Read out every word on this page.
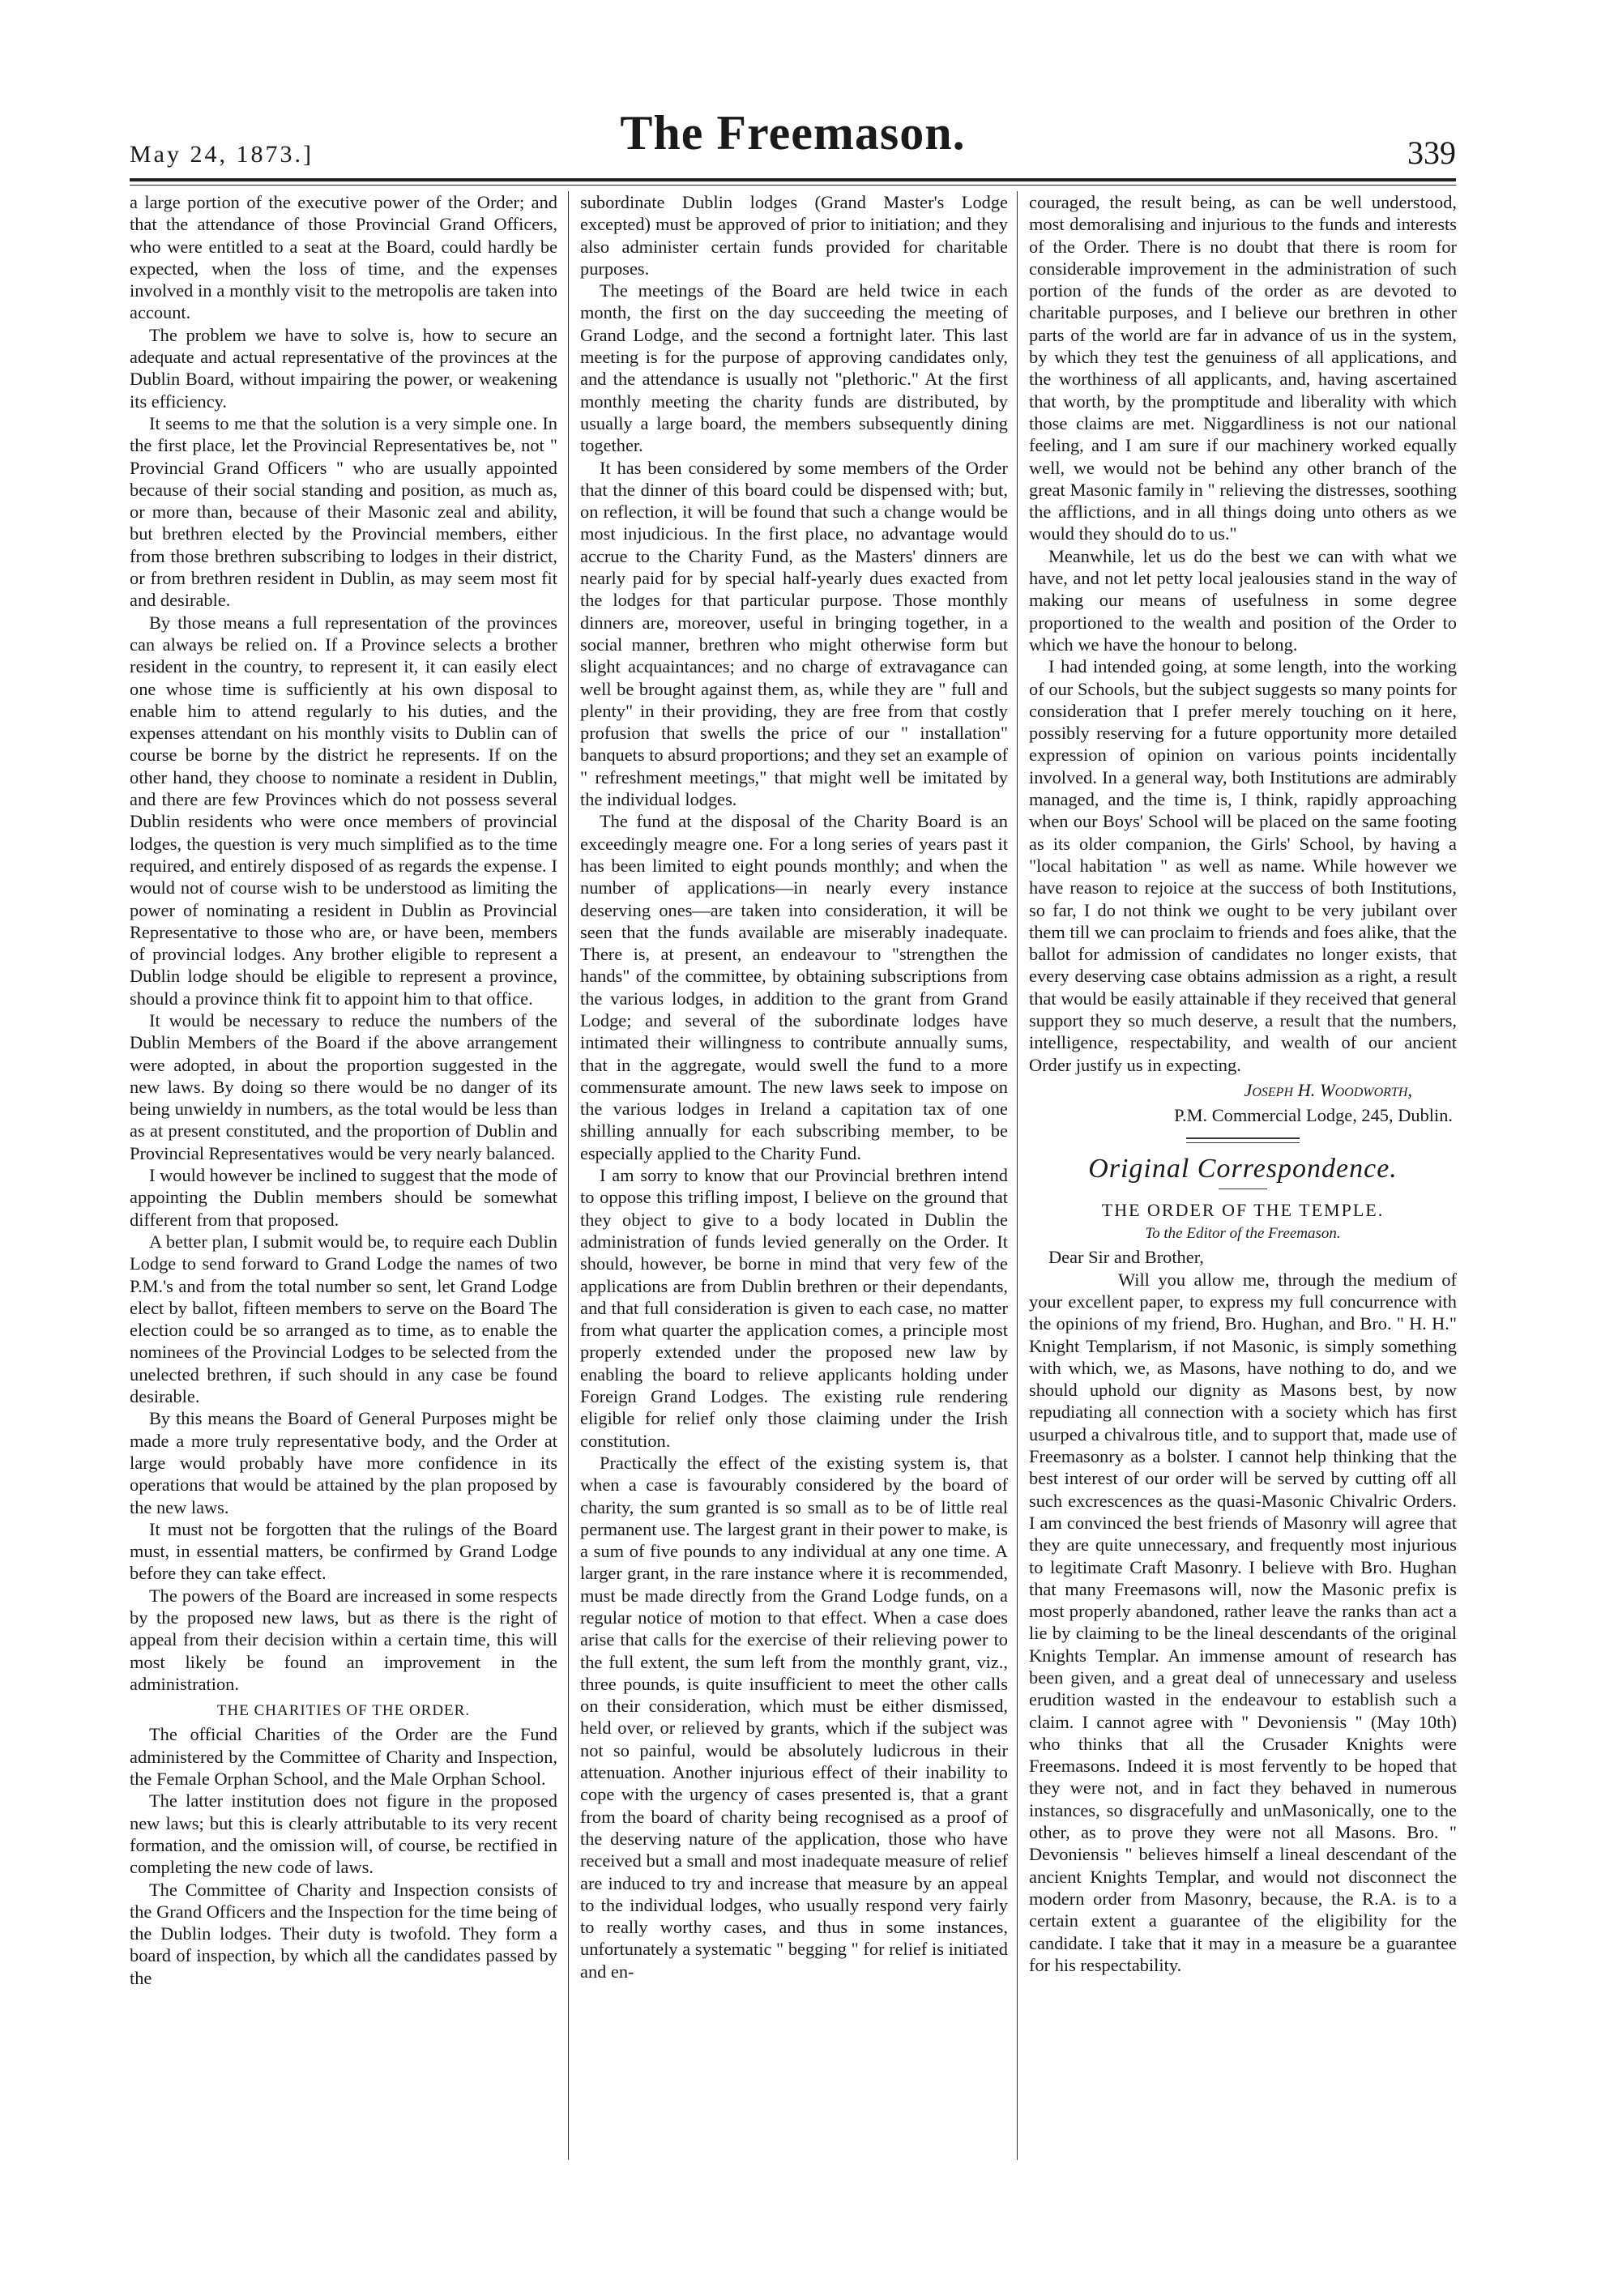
May 24, 1873.]	The Freemason.	339

a large portion of the executive power of the Order; and that the attendance of those Provincial Grand Officers, who were entitled to a seat at the Board, could hardly be expected, when the loss of time, and the expenses involved in a monthly visit to the metropolis are taken into account.

The problem we have to solve is, how to secure an adequate and actual representative of the provinces at the Dublin Board, without impairing the power, or weakening its efficiency.

It seems to me that the solution is a very simple one. In the first place, let the Provincial Representatives be, not " Provincial Grand Officers " who are usually appointed because of their social standing and position, as much as, or more than, because of their Masonic zeal and ability, but brethren elected by the Provincial members, either from those brethren subscribing to lodges in their district, or from brethren resident in Dublin, as may seem most fit and desirable.

By those means a full representation of the provinces can always be relied on. If a Province selects a brother resident in the country, to represent it, it can easily elect one whose time is sufficiently at his own disposal to enable him to attend regularly to his duties, and the expenses attendant on his monthly visits to Dublin can of course be borne by the district he represents. If on the other hand, they choose to nominate a resident in Dublin, and there are few Provinces which do not possess several Dublin residents who were once members of provincial lodges, the question is very much simplified as to the time required, and entirely disposed of as regards the expense. I would not of course wish to be understood as limiting the power of nominating a resident in Dublin as Provincial Representative to those who are, or have been, members of provincial lodges. Any brother eligible to represent a Dublin lodge should be eligible to represent a province, should a province think fit to appoint him to that office.

It would be necessary to reduce the numbers of the Dublin Members of the Board if the above arrangement were adopted, in about the proportion suggested in the new laws. By doing so there would be no danger of its being unwieldy in numbers, as the total would be less than as at present constituted, and the proportion of Dublin and Provincial Representatives would be very nearly balanced.

I would however be inclined to suggest that the mode of appointing the Dublin members should be somewhat different from that proposed.

A better plan, I submit would be, to require each Dublin Lodge to send forward to Grand Lodge the names of two P.M.'s and from the total number so sent, let Grand Lodge elect by ballot, fifteen members to serve on the Board The election could be so arranged as to time, as to enable the nominees of the Provincial Lodges to be selected from the unelected brethren, if such should in any case be found desirable.

By this means the Board of General Purposes might be made a more truly representative body, and the Order at large would probably have more confidence in its operations that would be attained by the plan proposed by the new laws.

It must not be forgotten that the rulings of the Board must, in essential matters, be confirmed by Grand Lodge before they can take effect.

The powers of the Board are increased in some respects by the proposed new laws, but as there is the right of appeal from their decision within a certain time, this will most likely be found an improvement in the administration.

THE CHARITIES OF THE ORDER.

The official Charities of the Order are the Fund administered by the Committee of Charity and Inspection, the Female Orphan School, and the Male Orphan School.

The latter institution does not figure in the proposed new laws; but this is clearly attributable to its very recent formation, and the omission will, of course, be rectified in completing the new code of laws.

The Committee of Charity and Inspection consists of the Grand Officers and the Inspection for the time being of the Dublin lodges. Their duty is twofold. They form a board of inspection, by which all the candidates passed by the

subordinate Dublin lodges (Grand Master's Lodge excepted) must be approved of prior to initiation; and they also administer certain funds provided for charitable purposes.

The meetings of the Board are held twice in each month, the first on the day succeeding the meeting of Grand Lodge, and the second a fortnight later. This last meeting is for the purpose of approving candidates only, and the attendance is usually not "plethoric." At the first monthly meeting the charity funds are distributed, by usually a large board, the members subsequently dining together.

It has been considered by some members of the Order that the dinner of this board could be dispensed with; but, on reflection, it will be found that such a change would be most injudicious. In the first place, no advantage would accrue to the Charity Fund, as the Masters' dinners are nearly paid for by special half-yearly dues exacted from the lodges for that particular purpose. Those monthly dinners are, moreover, useful in bringing together, in a social manner, brethren who might otherwise form but slight acquaintances; and no charge of extravagance can well be brought against them, as, while they are " full and plenty" in their providing, they are free from that costly profusion that swells the price of our " installation" banquets to absurd proportions; and they set an example of " refreshment meetings," that might well be imitated by the individual lodges.

The fund at the disposal of the Charity Board is an exceedingly meagre one. For a long series of years past it has been limited to eight pounds monthly; and when the number of applications—in nearly every instance deserving ones—are taken into consideration, it will be seen that the funds available are miserably inadequate. There is, at present, an endeavour to "strengthen the hands" of the committee, by obtaining subscriptions from the various lodges, in addition to the grant from Grand Lodge; and several of the subordinate lodges have intimated their willingness to contribute annually sums, that in the aggregate, would swell the fund to a more commensurate amount. The new laws seek to impose on the various lodges in Ireland a capitation tax of one shilling annually for each subscribing member, to be especially applied to the Charity Fund.

I am sorry to know that our Provincial brethren intend to oppose this trifling impost, I believe on the ground that they object to give to a body located in Dublin the administration of funds levied generally on the Order. It should, however, be borne in mind that very few of the applications are from Dublin brethren or their dependants, and that full consideration is given to each case, no matter from what quarter the application comes, a principle most properly extended under the proposed new law by enabling the board to relieve applicants holding under Foreign Grand Lodges. The existing rule rendering eligible for relief only those claiming under the Irish constitution.

Practically the effect of the existing system is, that when a case is favourably considered by the board of charity, the sum granted is so small as to be of little real permanent use. The largest grant in their power to make, is a sum of five pounds to any individual at any one time. A larger grant, in the rare instance where it is recommended, must be made directly from the Grand Lodge funds, on a regular notice of motion to that effect. When a case does arise that calls for the exercise of their relieving power to the full extent, the sum left from the monthly grant, viz., three pounds, is quite insufficient to meet the other calls on their consideration, which must be either dismissed, held over, or relieved by grants, which if the subject was not so painful, would be absolutely ludicrous in their attenuation. Another injurious effect of their inability to cope with the urgency of cases presented is, that a grant from the board of charity being recognised as a proof of the deserving nature of the application, those who have received but a small and most inadequate measure of relief are induced to try and increase that measure by an appeal to the individual lodges, who usually respond very fairly to really worthy cases, and thus in some instances, unfortunately a systematic " begging " for relief is initiated and en-

couraged, the result being, as can be well understood, most demoralising and injurious to the funds and interests of the Order. There is no doubt that there is room for considerable improvement in the administration of such portion of the funds of the order as are devoted to charitable purposes, and I believe our brethren in other parts of the world are far in advance of us in the system, by which they test the genuiness of all applications, and the worthiness of all applicants, and, having ascertained that worth, by the promptitude and liberality with which those claims are met. Niggardliness is not our national feeling, and I am sure if our machinery worked equally well, we would not be behind any other branch of the great Masonic family in " relieving the distresses, soothing the afflictions, and in all things doing unto others as we would they should do to us."

Meanwhile, let us do the best we can with what we have, and not let petty local jealousies stand in the way of making our means of usefulness in some degree proportioned to the wealth and position of the Order to which we have the honour to belong.

I had intended going, at some length, into the working of our Schools, but the subject suggests so many points for consideration that I prefer merely touching on it here, possibly reserving for a future opportunity more detailed expression of opinion on various points incidentally involved. In a general way, both Institutions are admirably managed, and the time is, I think, rapidly approaching when our Boys' School will be placed on the same footing as its older companion, the Girls' School, by having a "local habitation " as well as name. While however we have reason to rejoice at the success of both Institutions, so far, I do not think we ought to be very jubilant over them till we can proclaim to friends and foes alike, that the ballot for admission of candidates no longer exists, that every deserving case obtains admission as a right, a result that would be easily attainable if they received that general support they so much deserve, a result that the numbers, intelligence, respectability, and wealth of our ancient Order justify us in expecting.

Joseph H. Woodworth,
P.M. Commercial Lodge, 245, Dublin.
Original Correspondence.
THE ORDER OF THE TEMPLE.
To the Editor of the Freemason.

Dear Sir and Brother,

Will you allow me, through the medium of your excellent paper, to express my full concurrence with the opinions of my friend, Bro. Hughan, and Bro. " H. H." Knight Templarism, if not Masonic, is simply something with which, we, as Masons, have nothing to do, and we should uphold our dignity as Masons best, by now repudiating all connection with a society which has first usurped a chivalrous title, and to support that, made use of Freemasonry as a bolster. I cannot help thinking that the best interest of our order will be served by cutting off all such excrescences as the quasi-Masonic Chivalric Orders. I am convinced the best friends of Masonry will agree that they are quite unnecessary, and frequently most injurious to legitimate Craft Masonry. I believe with Bro. Hughan that many Freemasons will, now the Masonic prefix is most properly abandoned, rather leave the ranks than act a lie by claiming to be the lineal descendants of the original Knights Templar. An immense amount of research has been given, and a great deal of unnecessary and useless erudition wasted in the endeavour to establish such a claim. I cannot agree with " Devoniensis " (May 10th) who thinks that all the Crusader Knights were Freemasons. Indeed it is most fervently to be hoped that they were not, and in fact they behaved in numerous instances, so disgracefully and unMasonically, one to the other, as to prove they were not all Masons. Bro. " Devoniensis " believes himself a lineal descendant of the ancient Knights Templar, and would not disconnect the modern order from Masonry, because, the R.A. is to a certain extent a guarantee of the eligibility for the candidate. I take that it may in a measure be a guarantee for his respectability.
